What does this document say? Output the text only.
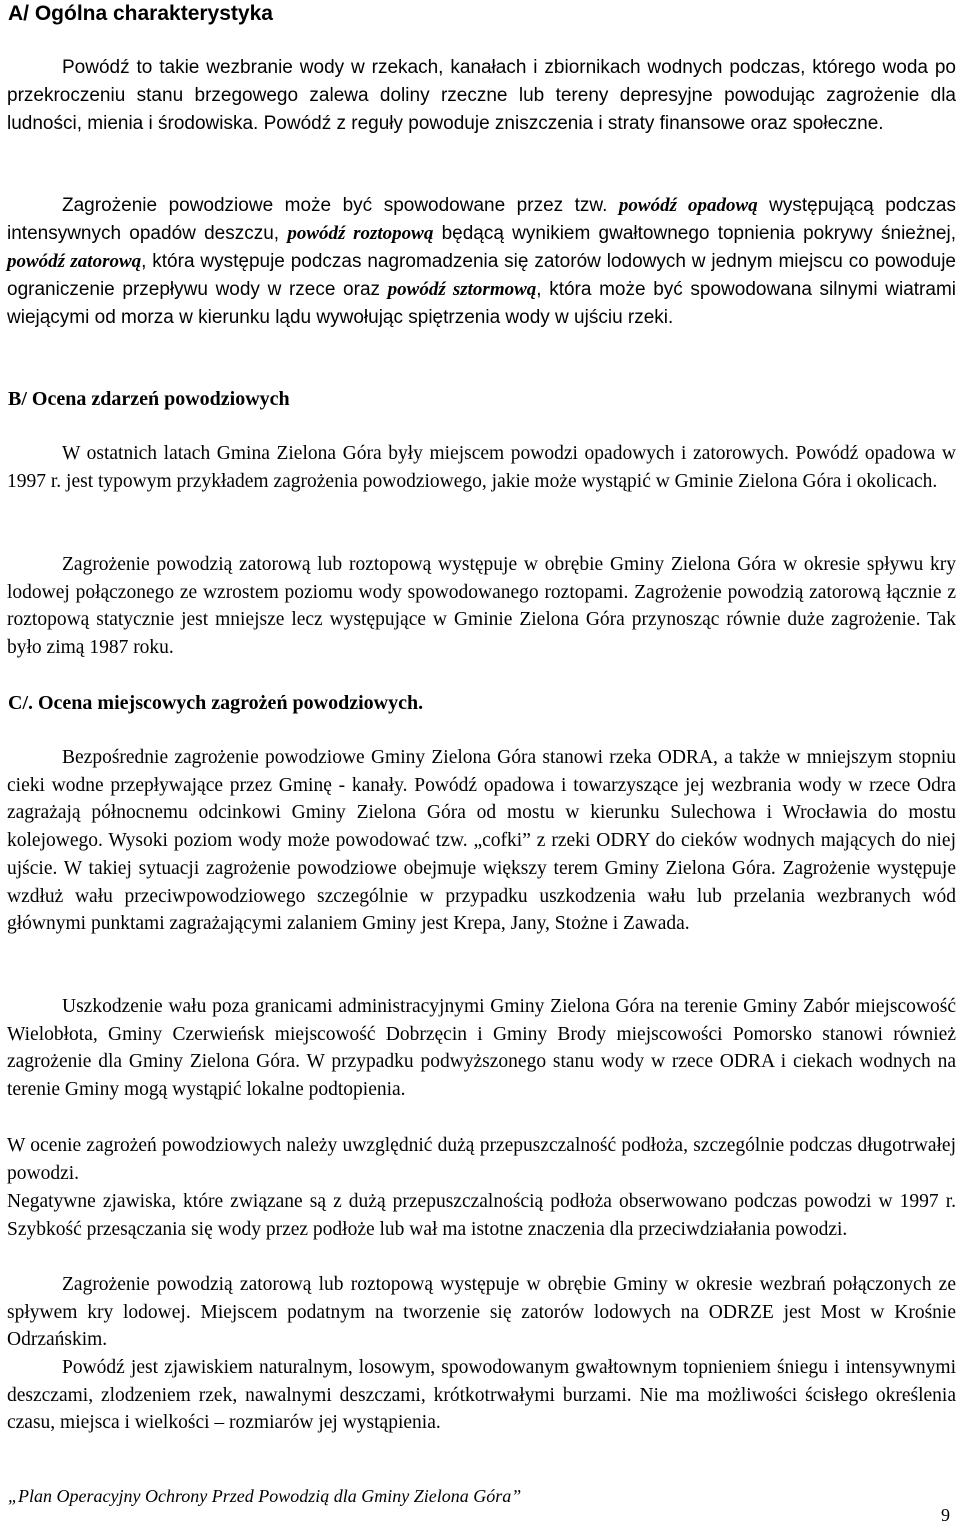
A/ Ogólna charakterystyka

Powódź to takie wezbranie wody w rzekach, kanałach i zbiornikach wodnych podczas, którego woda po przekroczeniu stanu brzegowego zalewa doliny rzeczne lub tereny depresyjne powodując zagrożenie dla ludności, mienia i środowiska. Powódź z reguły powoduje zniszczenia i straty finansowe oraz społeczne.

Zagrożenie powodziowe może być spowodowane przez tzw. powódź opadową występującą podczas intensywnych opadów deszczu, powódź roztopową będącą wynikiem gwałtownego topnienia pokrywy śnieżnej, powódź zatorową, która występuje podczas nagromadzenia się zatorów lodowych w jednym miejscu co powoduje ograniczenie przepływu wody w rzece oraz powódź sztormową, która może być spowodowana silnymi wiatrami wiejącymi od morza w kierunku lądu wywołując spiętrzenia wody w ujściu rzeki.

B/ Ocena zdarzeń powodziowych

W ostatnich latach Gmina Zielona Góra były miejscem powodzi opadowych i zatorowych. Powódź opadowa w 1997 r. jest typowym przykładem zagrożenia powodziowego, jakie może wystąpić w Gminie Zielona Góra i okolicach.

Zagrożenie powodzią zatorową lub roztopową występuje w obrębie Gminy Zielona Góra w okresie spływu kry lodowej połączonego ze wzrostem poziomu wody spowodowanego roztopami. Zagrożenie powodzią zatorową łącznie z roztopową statycznie jest mniejsze lecz występujące w Gminie Zielona Góra przynosząc równie duże zagrożenie. Tak było zimą 1987 roku.

C/. Ocena miejscowych zagrożeń powodziowych.

Bezpośrednie zagrożenie powodziowe Gminy Zielona Góra stanowi rzeka ODRA, a także w mniejszym stopniu cieki wodne przepływające przez Gminę - kanały. Powódź opadowa i towarzyszące jej wezbrania wody w rzece Odra zagrażają północnemu odcinkowi Gminy Zielona Góra od mostu w kierunku Sulechowa i Wrocławia do mostu kolejowego. Wysoki poziom wody może powodować tzw. „cofki” z rzeki ODRY do cieków wodnych mających do niej ujście. W takiej sytuacji zagrożenie powodziowe obejmuje większy terem Gminy Zielona Góra. Zagrożenie występuje wzdłuż wału przeciwpowodziowego szczególnie w przypadku uszkodzenia wału lub przelania wezbranych wód głównymi punktami zagrażającymi zalaniem Gminy jest Krepa, Jany, Stożne i Zawada.

Uszkodzenie wału poza granicami administracyjnymi Gminy Zielona Góra na terenie Gminy Zabór miejscowość Wielobłota, Gminy Czerwieńsk miejscowość Dobrzęcin i Gminy Brody miejscowości Pomorsko stanowi również zagrożenie dla Gminy Zielona Góra. W przypadku podwyższonego stanu wody w rzece ODRA i ciekach wodnych na terenie Gminy mogą wystąpić lokalne podtopienia.

W ocenie zagrożeń powodziowych należy uwzględnić dużą przepuszczalność podłoża, szczególnie podczas długotrwałej powodzi.

Negatywne zjawiska, które związane są z dużą przepuszczalnością podłoża obserwowano podczas powodzi w 1997 r. Szybkość przesączania się wody przez podłoże lub wał ma istotne znaczenia dla przeciwdziałania powodzi.

Zagrożenie powodzią zatorową lub roztopową występuje w obrębie Gminy w okresie wezbrań połączonych ze spływem kry lodowej. Miejscem podatnym na tworzenie się zatorów lodowych na ODRZE jest Most w Krośnie Odrzańskim.

Powódź jest zjawiskiem naturalnym, losowym, spowodowanym gwałtownym topnieniem śniegu i intensywnymi deszczami, zlodzeniem rzek, nawalnymi deszczami, krótkotrwałymi burzami. Nie ma możliwości ścisłego określenia czasu, miejsca i wielkości – rozmiarów jej wystąpienia.

„Plan Operacyjny Ochrony Przed Powodzią dla Gminy Zielona Góra”
9
